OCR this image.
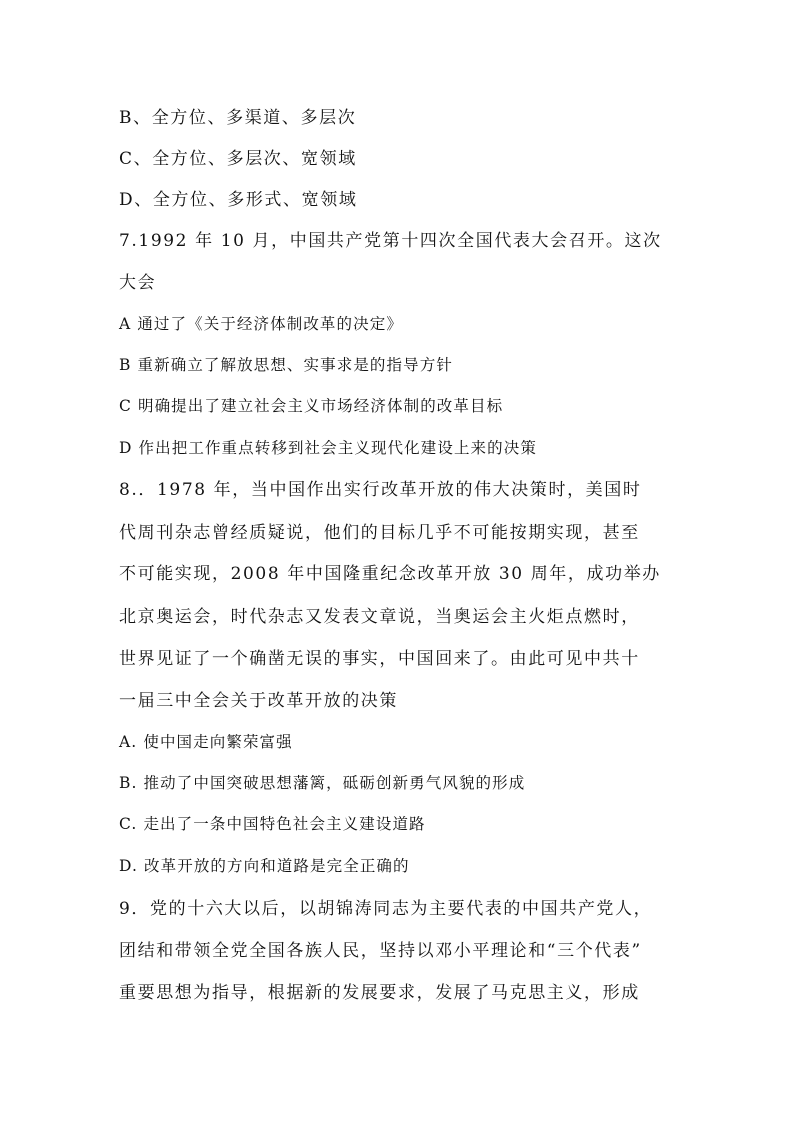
B、全方位、多渠道、多层次
C、全方位、多层次、宽领域
D、全方位、多形式、宽领域
7.1992 年 10 月，中国共产党第十四次全国代表大会召开。这次
大会
A 通过了《关于经济体制改革的决定》
B 重新确立了解放思想、实事求是的指导方针
C 明确提出了建立社会主义市场经济体制的改革目标
D 作出把工作重点转移到社会主义现代化建设上来的决策
8.．1978 年，当中国作出实行改革开放的伟大决策时，美国时
代周刊杂志曾经质疑说，他们的目标几乎不可能按期实现，甚至
不可能实现，2008 年中国隆重纪念改革开放 30 周年，成功举办
北京奥运会，时代杂志又发表文章说，当奥运会主火炬点燃时，
世界见证了一个确凿无误的事实，中国回来了。由此可见中共十
一届三中全会关于改革开放的决策
A. 使中国走向繁荣富强
B. 推动了中国突破思想藩篱，砥砺创新勇气风貌的形成
C. 走出了一条中国特色社会主义建设道路
D. 改革开放的方向和道路是完全正确的
9．党的十六大以后，以胡锦涛同志为主要代表的中国共产党人，
团结和带领全党全国各族人民，坚持以邓小平理论和“三个代表”
重要思想为指导，根据新的发展要求，发展了马克思主义，形成
